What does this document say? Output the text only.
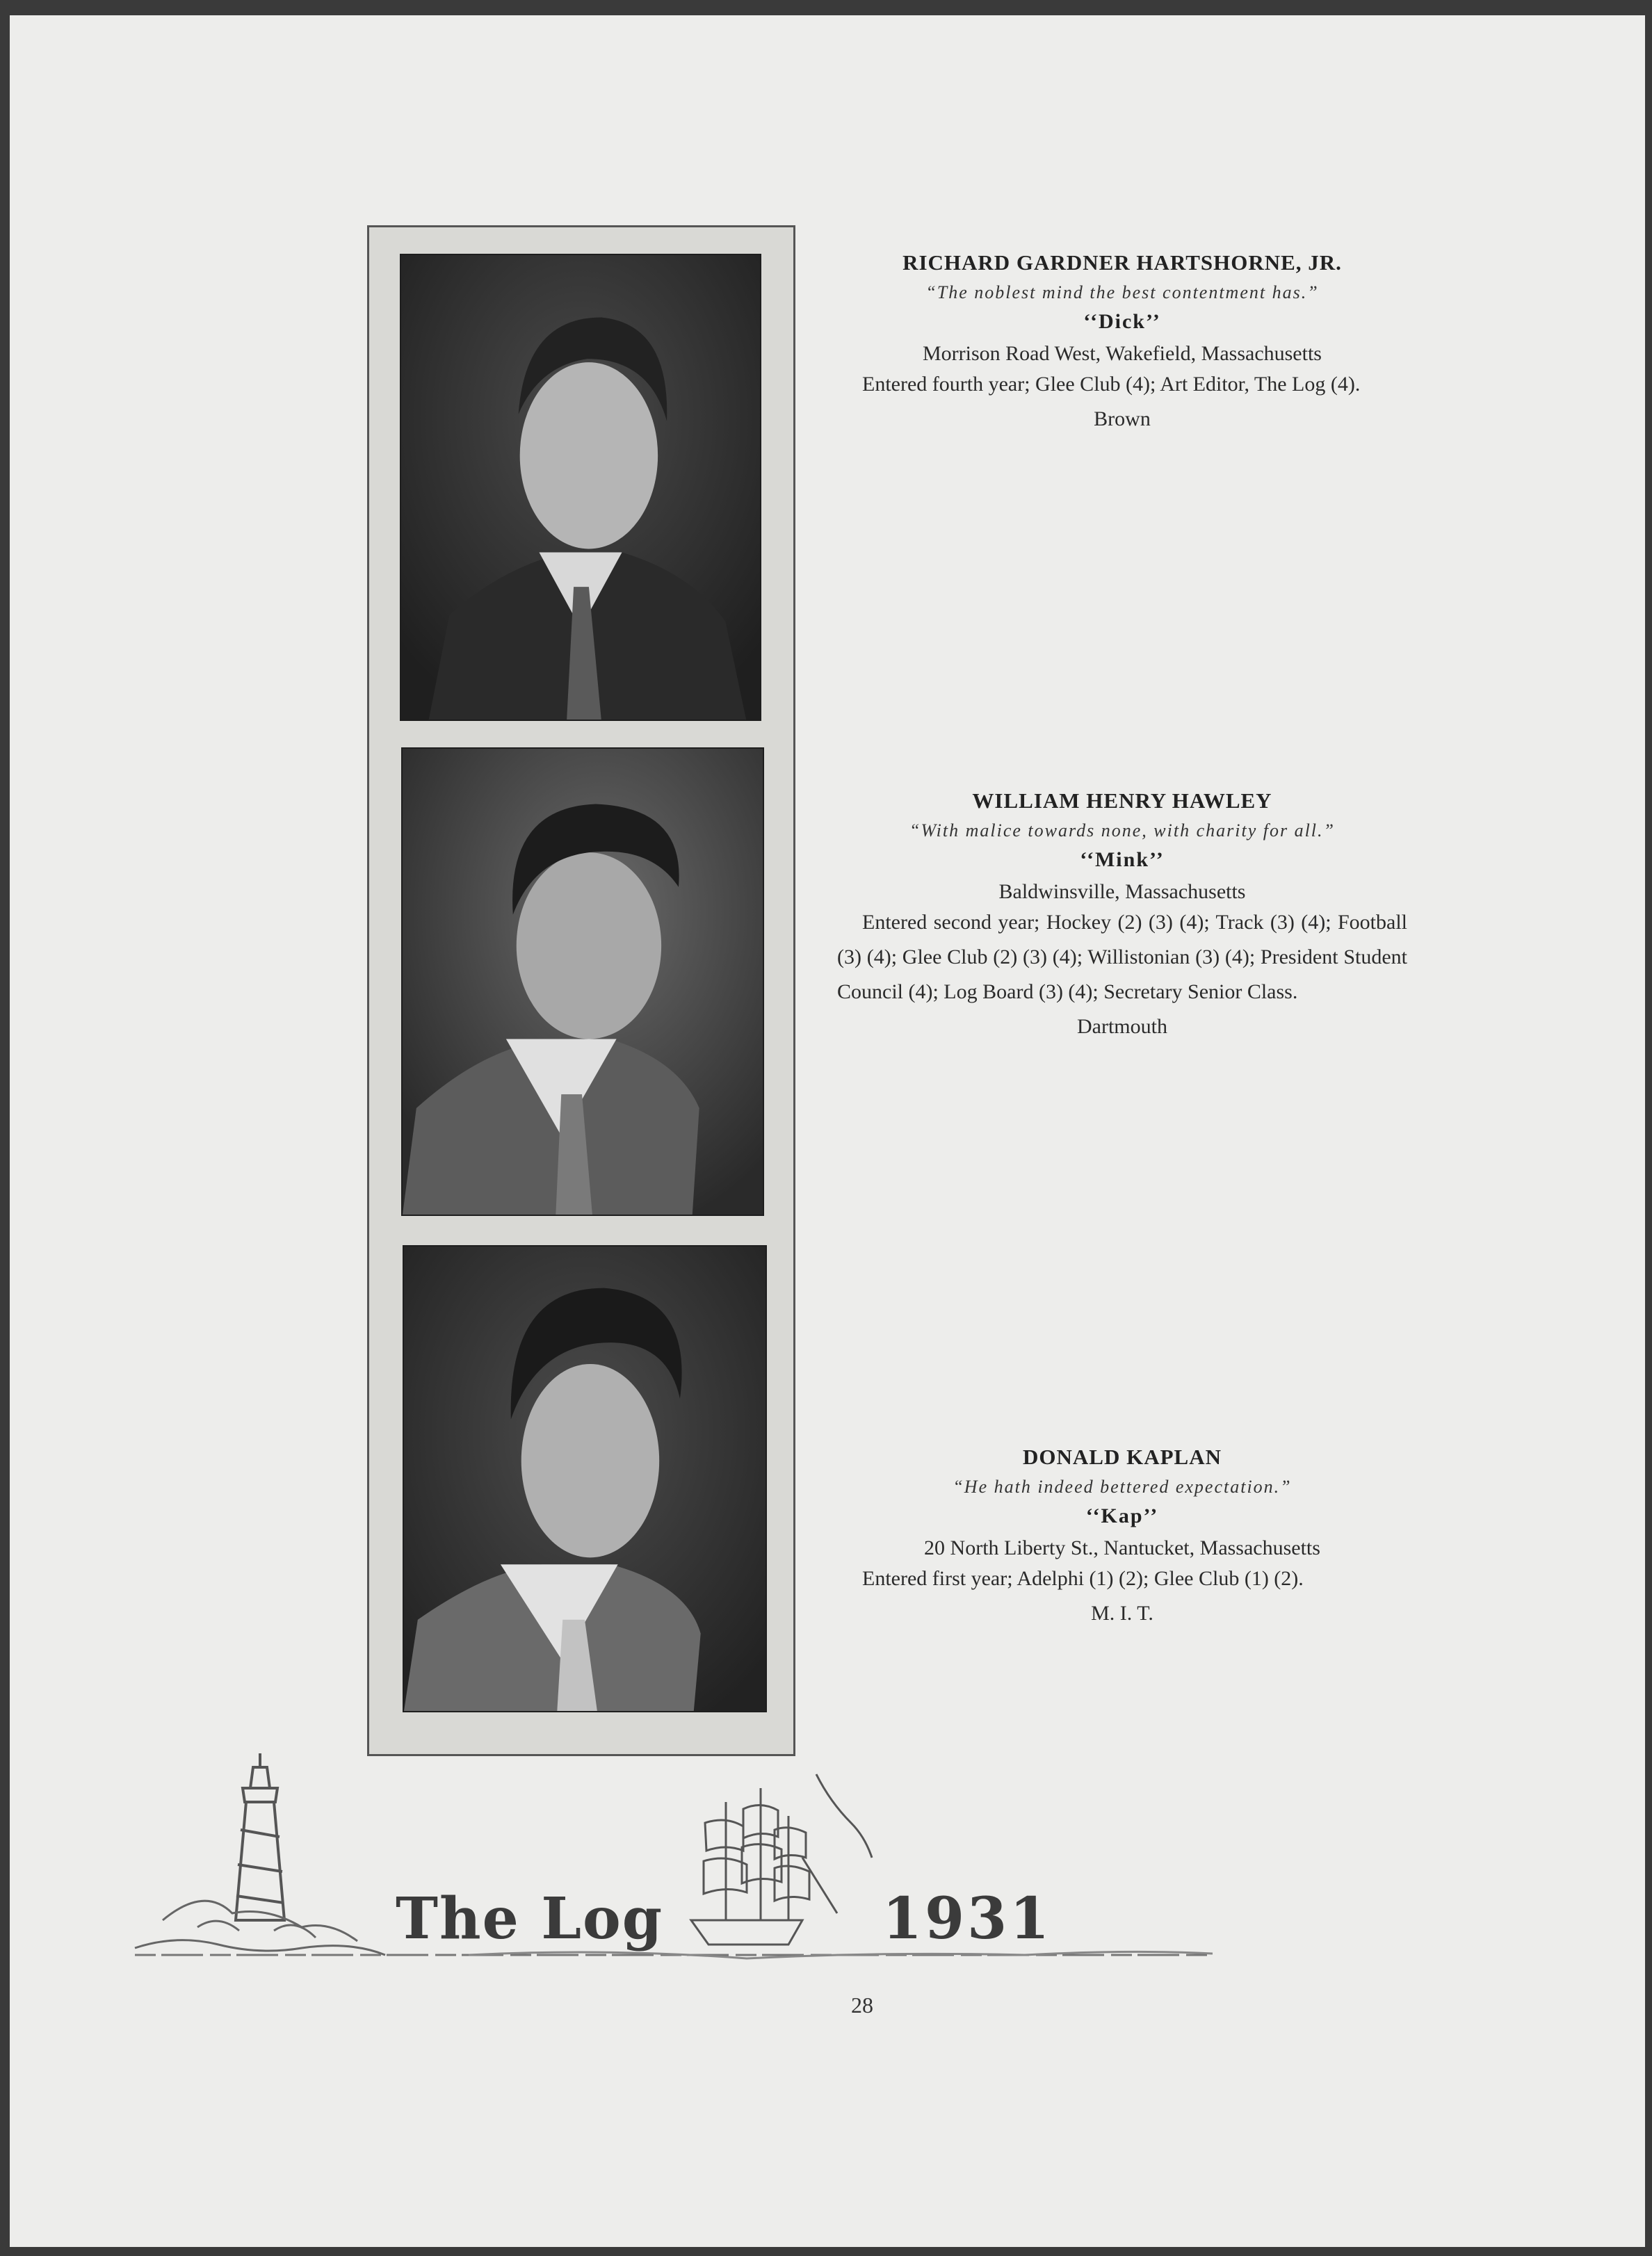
RICHARD GARDNER HARTSHORNE, JR.
“The noblest mind the best contentment has.”
‘‘Dick’’
Morrison Road West, Wakefield, Massachusetts
Entered fourth year; Glee Club (4); Art Editor, The Log (4).
Brown
WILLIAM HENRY HAWLEY
“With malice towards none, with charity for all.”
‘‘Mink’’
Baldwinsville, Massachusetts
Entered second year; Hockey (2) (3) (4); Track (3) (4); Football (3) (4); Glee Club (2) (3) (4); Willistonian (3) (4); President Student Council (4); Log Board (3) (4); Secretary Senior Class.
Dartmouth
DONALD KAPLAN
“He hath indeed bettered expectation.”
‘‘Kap’’
20 North Liberty St., Nantucket, Massachusetts
Entered first year; Adelphi (1) (2); Glee Club (1) (2).
M. I. T.
The Log	1931
28
